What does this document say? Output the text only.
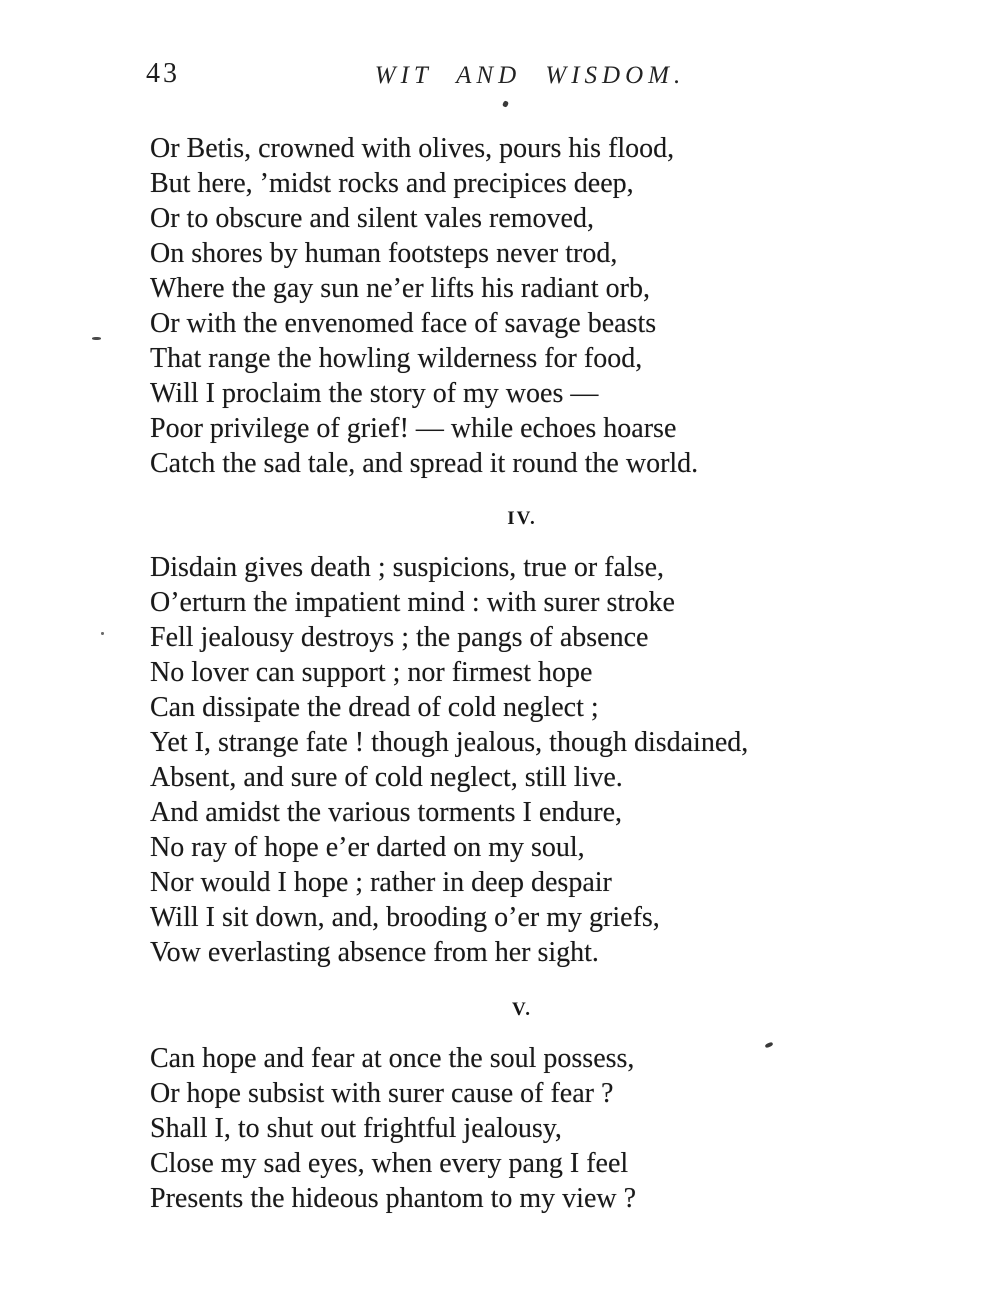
43	WIT AND WISDOM.
Or Betis, crowned with olives, pours his flood,
But here, ’midst rocks and precipices deep,
Or to obscure and silent vales removed,
On shores by human footsteps never trod,
Where the gay sun ne’er lifts his radiant orb,
Or with the envenomed face of savage beasts
That range the howling wilderness for food,
Will I proclaim the story of my woes —
Poor privilege of grief! — while echoes hoarse
Catch the sad tale, and spread it round the world.
IV.
Disdain gives death ; suspicions, true or false,
O’erturn the impatient mind : with surer stroke
Fell jealousy destroys ; the pangs of absence
No lover can support ; nor firmest hope
Can dissipate the dread of cold neglect ;
Yet I, strange fate ! though jealous, though disdained,
Absent, and sure of cold neglect, still live.
And amidst the various torments I endure,
No ray of hope e’er darted on my soul,
Nor would I hope ; rather in deep despair
Will I sit down, and, brooding o’er my griefs,
Vow everlasting absence from her sight.
V.
Can hope and fear at once the soul possess,
Or hope subsist with surer cause of fear ?
Shall I, to shut out frightful jealousy,
Close my sad eyes, when every pang I feel
Presents the hideous phantom to my view ?
